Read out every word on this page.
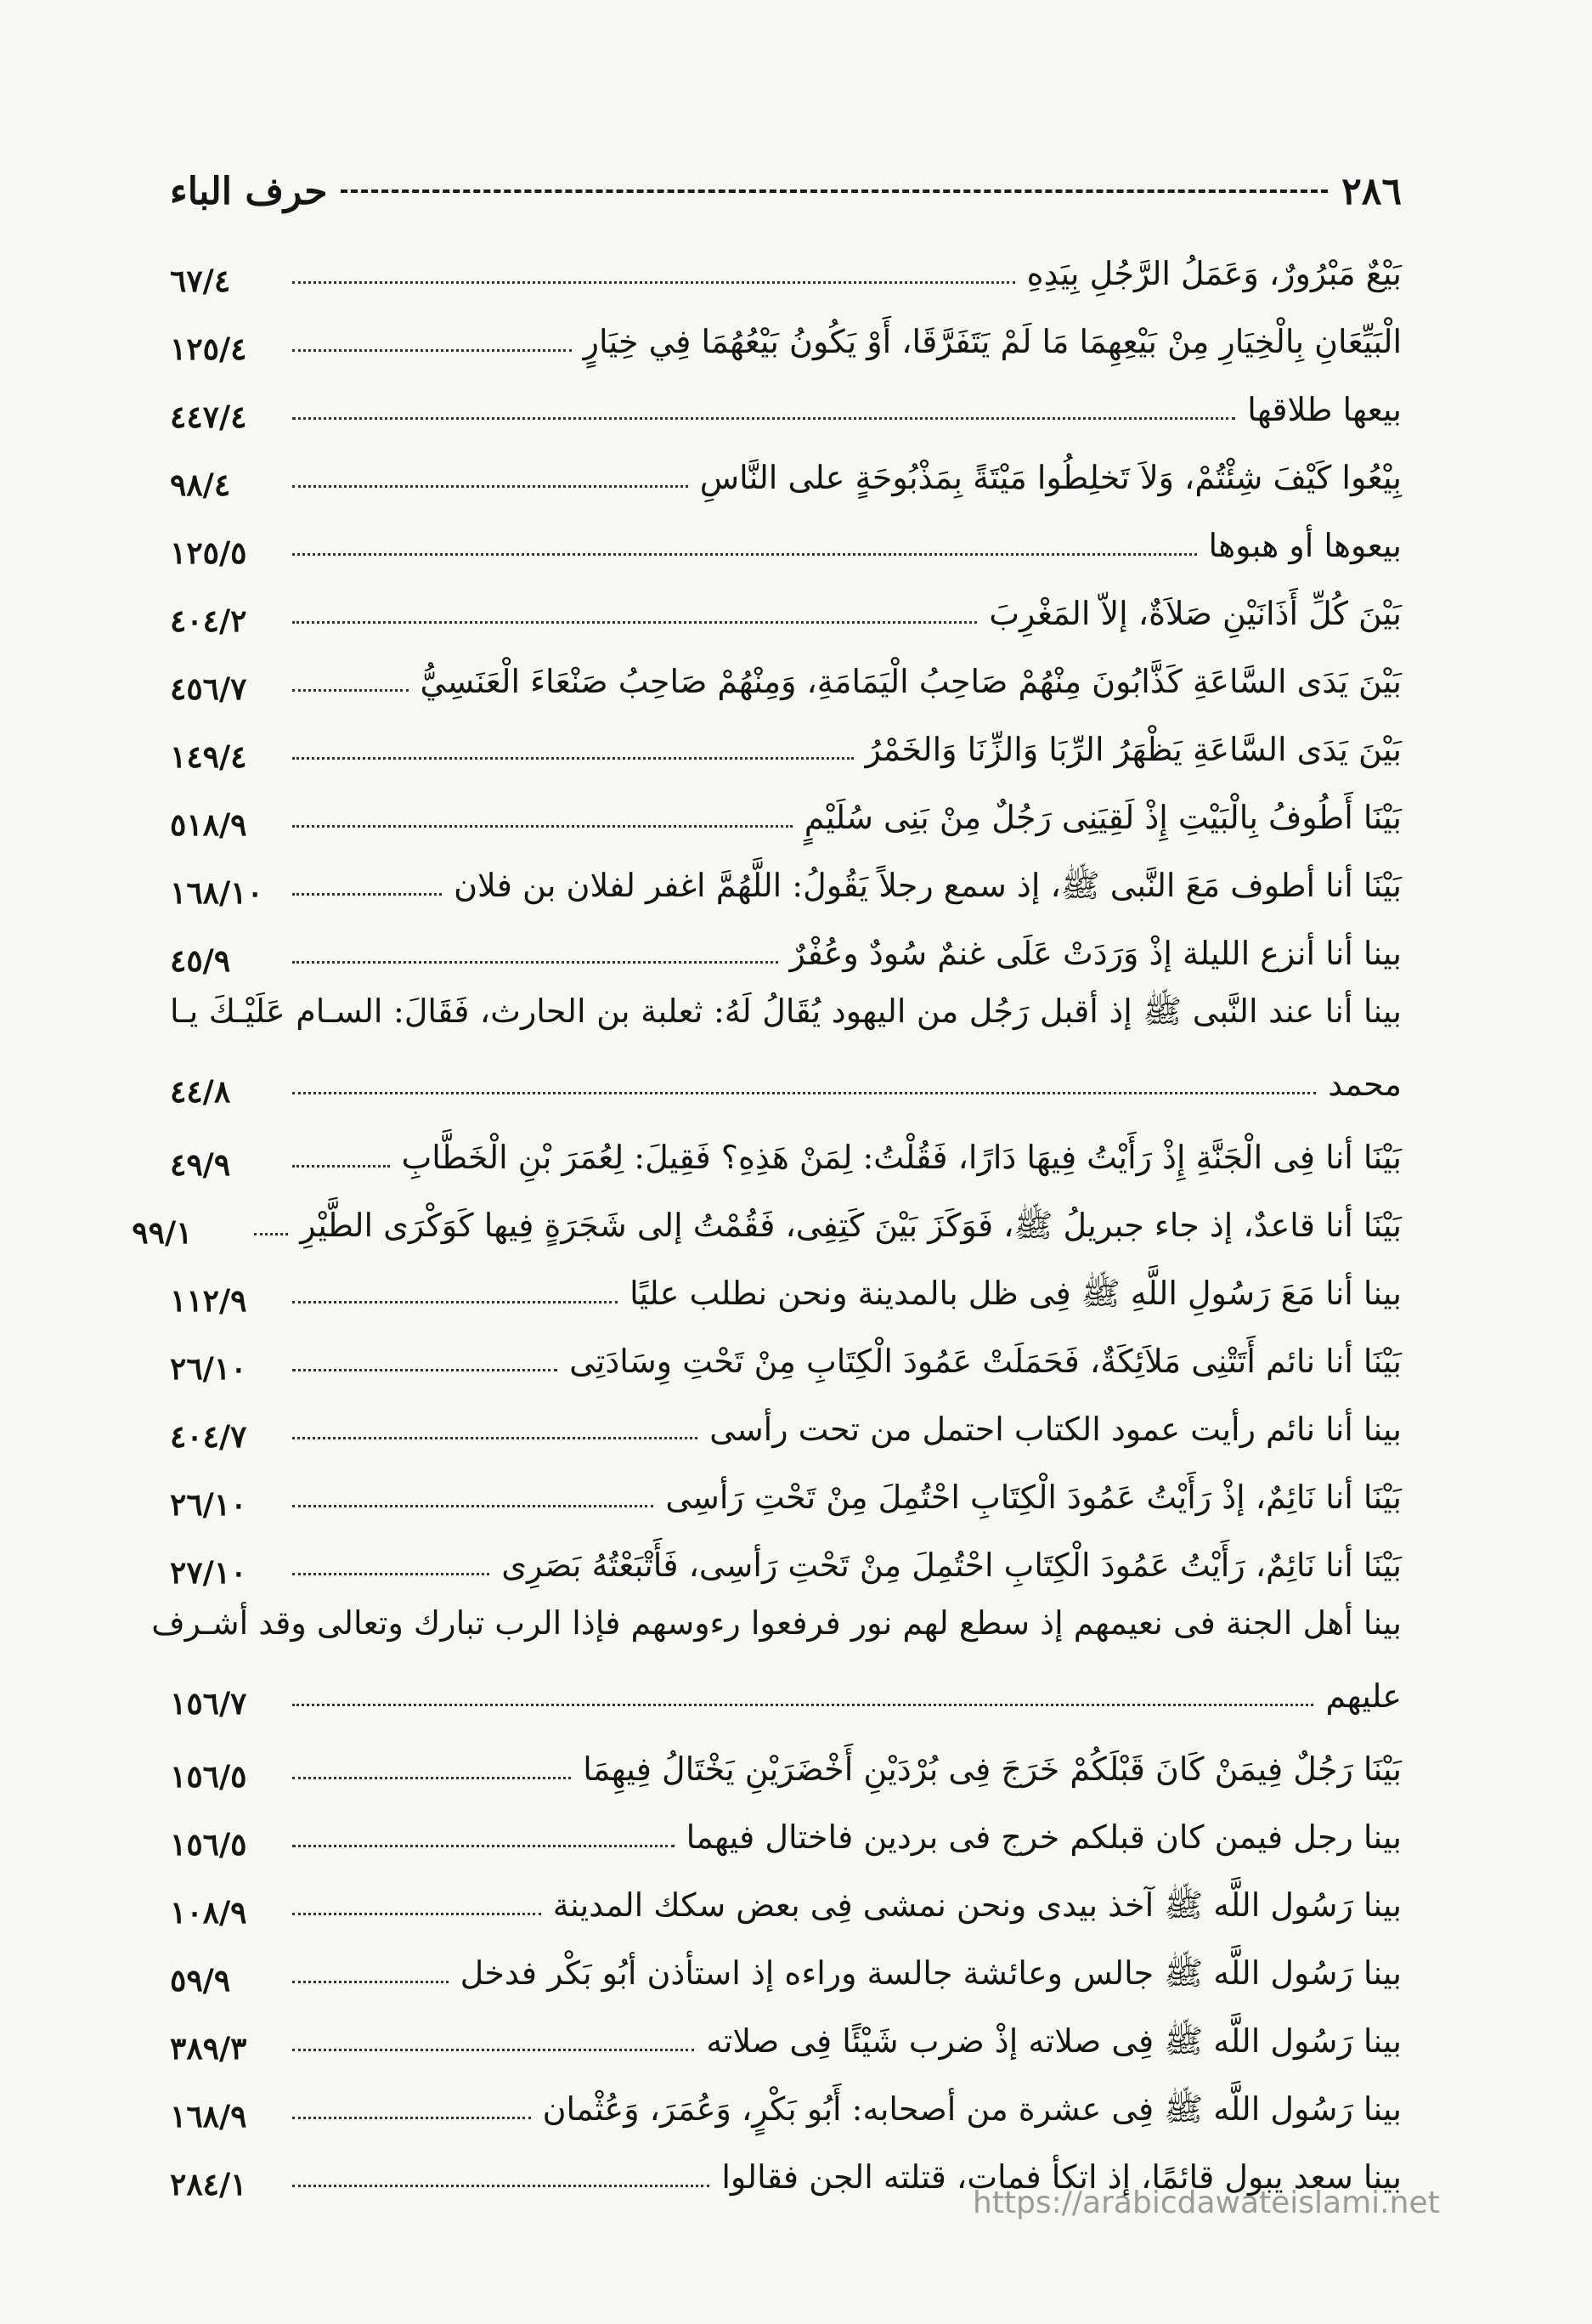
٢٨٦
حرف الباء
بَيْعٌ مَبْرُورٌ، وَعَمَلُ الرَّجُلِ بِيَدِهِ
٦٧/٤
الْبَيِّعَانِ بِالْخِيَارِ مِنْ بَيْعِهِمَا مَا لَمْ يَتَفَرَّقَا، أَوْ يَكُونُ بَيْعُهُمَا فِي خِيَارٍ
١٢٥/٤
بيعها طلاقها
٤٤٧/٤
بِيْعُوا كَيْفَ شِئْتُمْ، وَلاَ تَخلِطُوا مَيْتَةً بِمَذْبُوحَةٍ على النَّاسِ
٩٨/٤
بيعوها أو هبوها
١٢٥/٥
بَيْنَ كُلِّ أَذَانَيْنِ صَلاَةٌ، إلاّ المَغْرِبَ
٤٠٤/٢
بَيْنَ يَدَى السَّاعَةِ كَذَّابُونَ مِنْهُمْ صَاحِبُ الْيَمَامَةِ، وَمِنْهُمْ صَاحِبُ صَنْعَاءَ الْعَنَسِيُّ
٤٥٦/٧
بَيْنَ يَدَى السَّاعَةِ يَظْهَرُ الرِّبَا وَالزِّنَا وَالخَمْرُ
١٤٩/٤
بَيْنَا أَطُوفُ بِالْبَيْتِ إِذْ لَقِيَنِى رَجُلٌ مِنْ بَنِى سُلَيْمٍ
٥١٨/٩
بَيْنَا أنا أطوف مَعَ النَّبى ﷺ، إذ سمع رجلاً يَقُولُ: اللَّهُمَّ اغفر لفلان بن فلان
١٦٨/١٠
بينا أنا أنزع الليلة إذْ وَرَدَتْ عَلَى غنمٌ سُودٌ وعُفْرٌ
٤٥/٩
بينا أنا عند النَّبى ﷺ إذ أقبل رَجُل من اليهود يُقَالُ لَهُ: ثعلبة بن الحارث، فَقَالَ: السـام عَلَيْـكَ يـا
محمد
٤٤/٨
بَيْنَا أنا فِى الْجَنَّةِ إِذْ رَأَيْتُ فِيهَا دَارًا، فَقُلْتُ: لِمَنْ هَذِهِ؟ فَقِيلَ: لِعُمَرَ بْنِ الْخَطَّابِ
٤٩/٩
بَيْنَا أنا قاعدٌ، إذ جاء جبريلُ ﷺ، فَوَكَزَ بَيْنَ كَتِفِى، فَقُمْتُ إلى شَجَرَةٍ فِيها كَوَكْرَى الطَّيْرِ
٩٩/١
بينا أنا مَعَ رَسُولِ اللَّهِ ﷺ فِى ظل بالمدينة ونحن نطلب عليًا
١١٢/٩
بَيْنَا أنا نائم أَتَتْنِى مَلاَئِكَةٌ، فَحَمَلَتْ عَمُودَ الْكِتَابِ مِنْ تَحْتِ وِسَادَتِى
٢٦/١٠
بينا أنا نائم رأيت عمود الكتاب احتمل من تحت رأسى
٤٠٤/٧
بَيْنَا أنا نَائِمٌ، إذْ رَأَيْتُ عَمُودَ الْكِتَابِ احْتُمِلَ مِنْ تَحْتِ رَأسِى
٢٦/١٠
بَيْنَا أنا نَائِمٌ، رَأَيْتُ عَمُودَ الْكِتَابِ احْتُمِلَ مِنْ تَحْتِ رَأسِى، فَأَتْبَعْتُهُ بَصَرِى
٢٧/١٠
بينا أهل الجنة فى نعيمهم إذ سطع لهم نور فرفعوا رءوسهم فإذا الرب تبارك وتعالى وقد أشـرف
عليهم
١٥٦/٧
بَيْنَا رَجُلٌ فِيمَنْ كَانَ قَبْلَكُمْ خَرَجَ فِى بُرْدَيْنِ أَخْضَرَيْنِ يَخْتَالُ فِيهِمَا
١٥٦/٥
بينا رجل فيمن كان قبلكم خرج فى بردين فاختال فيهما
١٥٦/٥
بينا رَسُول اللَّه ﷺ آخذ بيدى ونحن نمشى فِى بعض سكك المدينة
١٠٨/٩
بينا رَسُول اللَّه ﷺ جالس وعائشة جالسة وراءه إذ استأذن أبُو بَكْر فدخل
٥٩/٩
بينا رَسُول اللَّه ﷺ فِى صلاته إذْ ضرب شَيْئًا فِى صلاته
٣٨٩/٣
بينا رَسُول اللَّه ﷺ فِى عشرة من أصحابه: أَبُو بَكْرٍ، وَعُمَرَ، وَعُثْمان
١٦٨/٩
بينا سعد يبول قائمًا، إذ اتكأ فمات، قتلته الجن فقالوا
٢٨٤/١
https://arabicdawateislami.net
